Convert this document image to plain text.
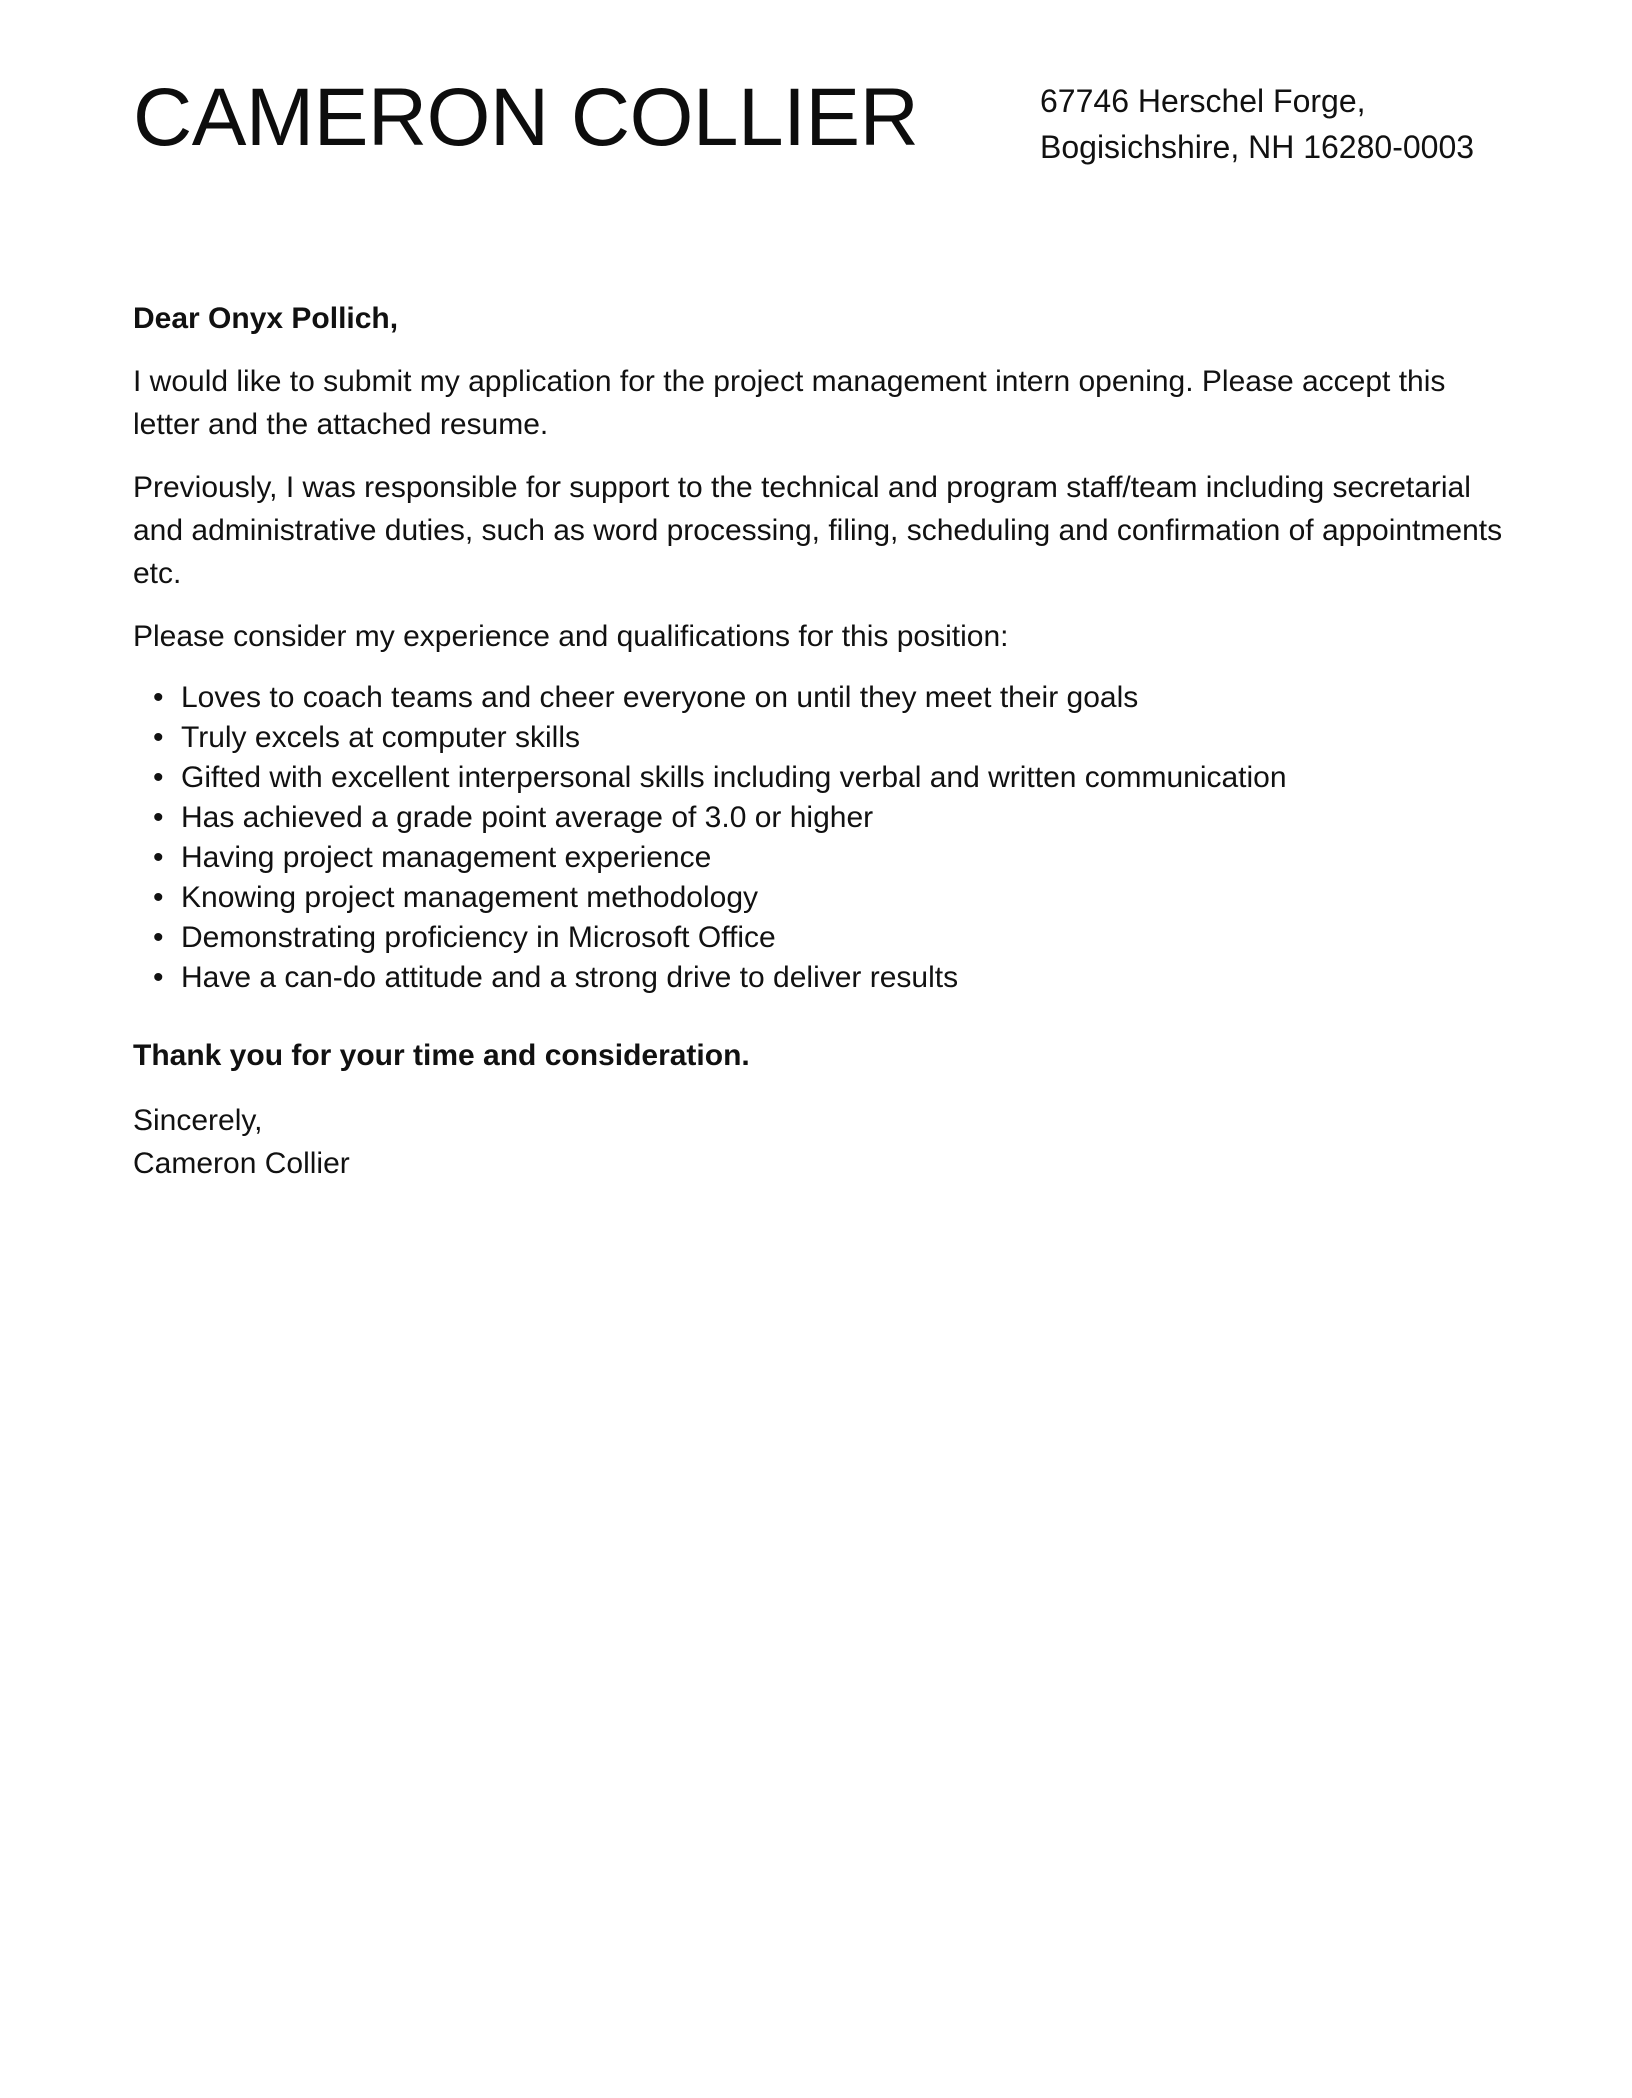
CAMERON COLLIER	67746 Herschel Forge,
Bogisichshire, NH 16280-0003

Dear Onyx Pollich,

I would like to submit my application for the project management intern opening. Please accept this letter and the attached resume.

Previously, I was responsible for support to the technical and program staff/team including secretarial and administrative duties, such as word processing, filing, scheduling and confirmation of appointments etc.

Please consider my experience and qualifications for this position:

• Loves to coach teams and cheer everyone on until they meet their goals
• Truly excels at computer skills
• Gifted with excellent interpersonal skills including verbal and written communication
• Has achieved a grade point average of 3.0 or higher
• Having project management experience
• Knowing project management methodology
• Demonstrating proficiency in Microsoft Office
• Have a can-do attitude and a strong drive to deliver results

Thank you for your time and consideration.

Sincerely,
Cameron Collier
